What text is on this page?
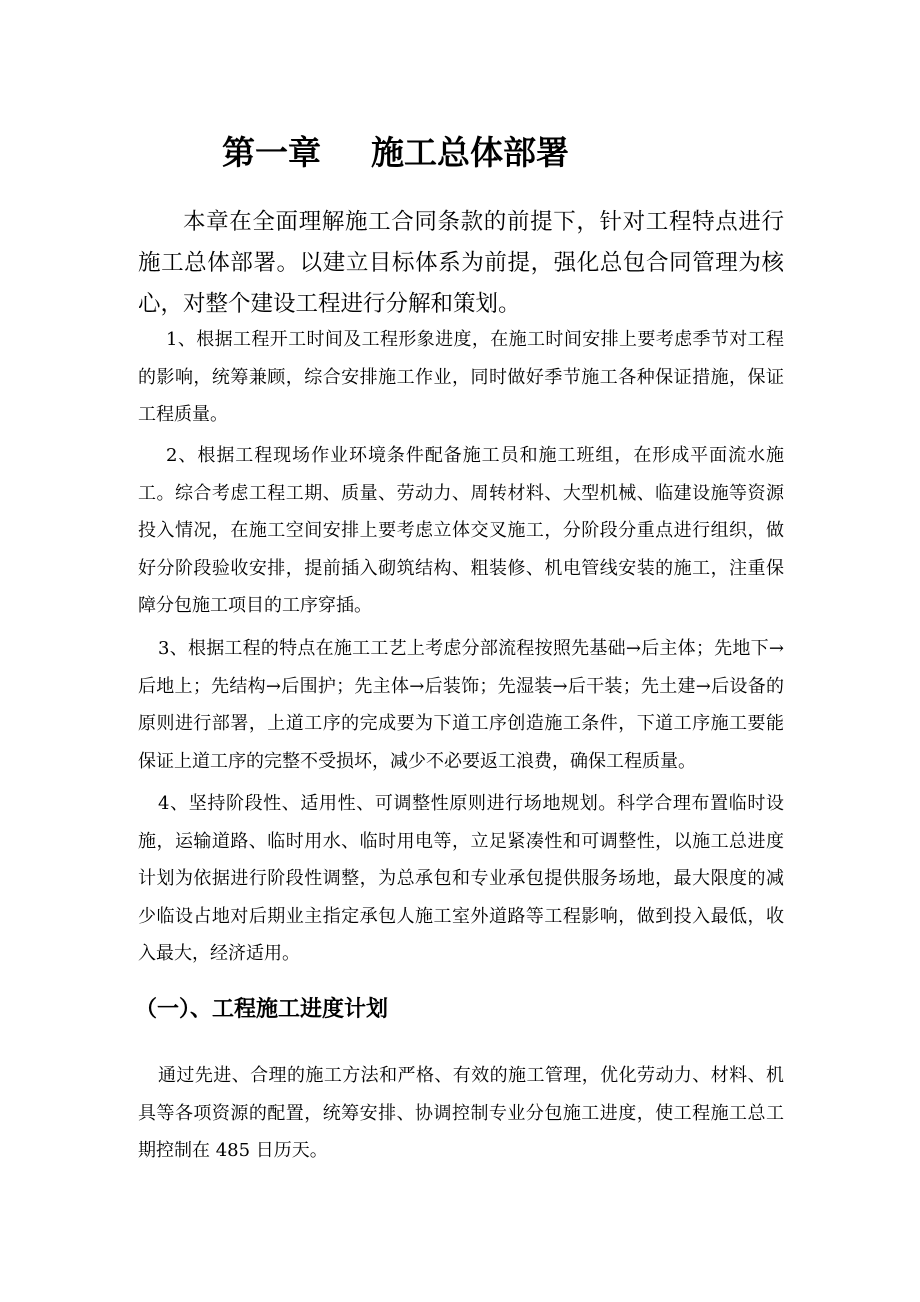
第一章 施工总体部署

本章在全面理解施工合同条款的前提下，针对工程特点进行施工总体部署。以建立目标体系为前提，强化总包合同管理为核心，对整个建设工程进行分解和策划。

1、根据工程开工时间及工程形象进度，在施工时间安排上要考虑季节对工程的影响，统筹兼顾，综合安排施工作业，同时做好季节施工各种保证措施，保证工程质量。

2、根据工程现场作业环境条件配备施工员和施工班组，在形成平面流水施工。综合考虑工程工期、质量、劳动力、周转材料、大型机械、临建设施等资源投入情况，在施工空间安排上要考虑立体交叉施工，分阶段分重点进行组织，做好分阶段验收安排，提前插入砌筑结构、粗装修、机电管线安装的施工，注重保障分包施工项目的工序穿插。

3、根据工程的特点在施工工艺上考虑分部流程按照先基础→后主体；先地下→后地上；先结构→后围护；先主体→后装饰；先湿装→后干装；先土建→后设备的原则进行部署，上道工序的完成要为下道工序创造施工条件，下道工序施工要能保证上道工序的完整不受损坏，减少不必要返工浪费，确保工程质量。

4、坚持阶段性、适用性、可调整性原则进行场地规划。科学合理布置临时设施，运输道路、临时用水、临时用电等，立足紧凑性和可调整性，以施工总进度计划为依据进行阶段性调整，为总承包和专业承包提供服务场地，最大限度的减少临设占地对后期业主指定承包人施工室外道路等工程影响，做到投入最低，收入最大，经济适用。

（一）、工程施工进度计划

通过先进、合理的施工方法和严格、有效的施工管理，优化劳动力、材料、机具等各项资源的配置，统筹安排、协调控制专业分包施工进度，使工程施工总工期控制在 485 日历天。
